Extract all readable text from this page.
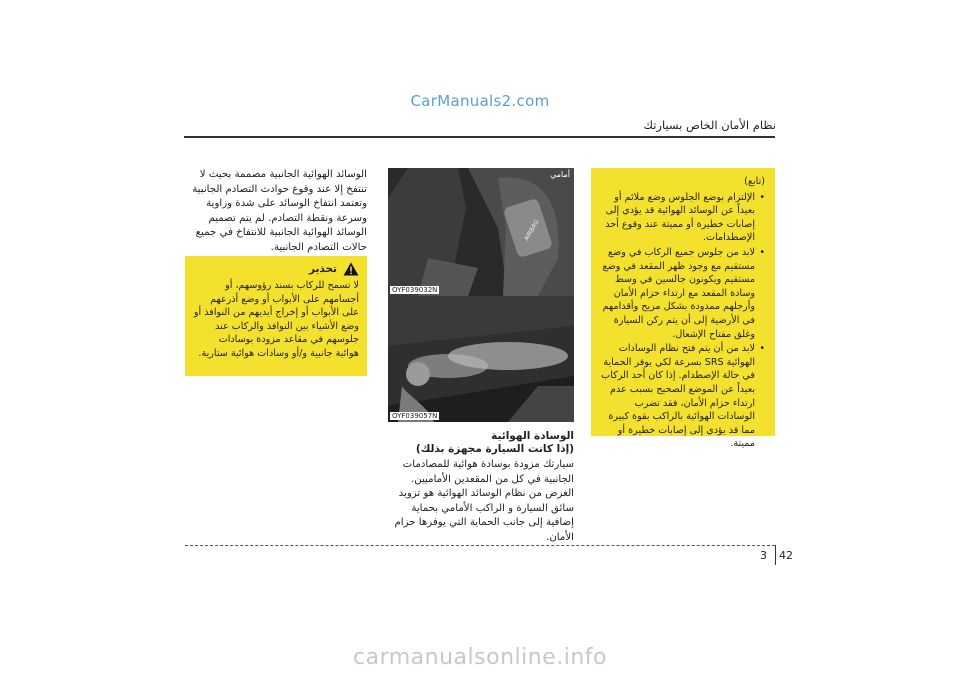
CarManuals2.com
نظام الأمان الخاص بسيارتك
(تابع)
• الإلتزام بوضع الجلوس وضع ملائم أو بعيداً عن الوسائد الهوائية قد يؤدي إلى إصابات خطيرة أو مميتة عند وقوع أحد الإصطدامات.
• لابد من جلوس جميع الركاب في وضع مستقيم مع وجود ظهر المقعد في وضع مستقيم ويكونون جالسين في وسط وسادة المقعد مع ارتداء حزام الأمان وأرجلهم ممدودة بشكل مريح وأقدامهم في الأرضية إلى أن يتم ركن السيارة وغلق مفتاح الإشعال.
• لابد من أن يتم فتح نظام الوسادات الهوائية SRS بسرعة لكي يوفر الحماية في حالة الإصطدام. إذا كان أحد الركاب بعيداً عن الموضع الصحيح بسبب عدم ارتداء حزام الأمان، فقد تضرب الوسادات الهوائية بالراكب بقوة كبيرة مما قد يؤدي إلى إصابات خطيرة أو مميتة.
AIRBAG
أمامي
OYF039032N
OYF039057N
الوسادة الهوائية
(إذا كانت السيارة مجهزة بذلك)
سيارتك مزودة بوسادة هوائية للمصادمات الجانبية في كل من المقعدين الأماميين. الغرض من نظام الوسائد الهوائية هو تزويد سائق السيارة و الراكب الأمامي بحماية إضافية إلى جانب الحماية التي يوفرها حزام الأمان.
الوسائد الهوائية الجانبية مصممة بحيث لا تنتفخ إلا عند وقوع حوادث التصادم الجانبية وتعتمد انتفاخ الوسائد على شدة وزاوية وسرعة ونقطة التصادم. لم يتم تصميم الوسائد الهوائية الجانبية للانتفاخ في جميع حالات التصادم الجانبية.
تحذير
لا تسمح للركاب بسند رؤوسهم، أو أجسامهم على الأبواب أو وضع أذرعهم على الأبواب أو إخراج أيديهم من النوافذ أو وضع الأشياء بين النوافذ والركاب عند جلوسهم في مقاعد مزودة بوسادات هوائية جانبية و/أو وسادات هوائية ستارية.
3 42
carmanualsonline.info
